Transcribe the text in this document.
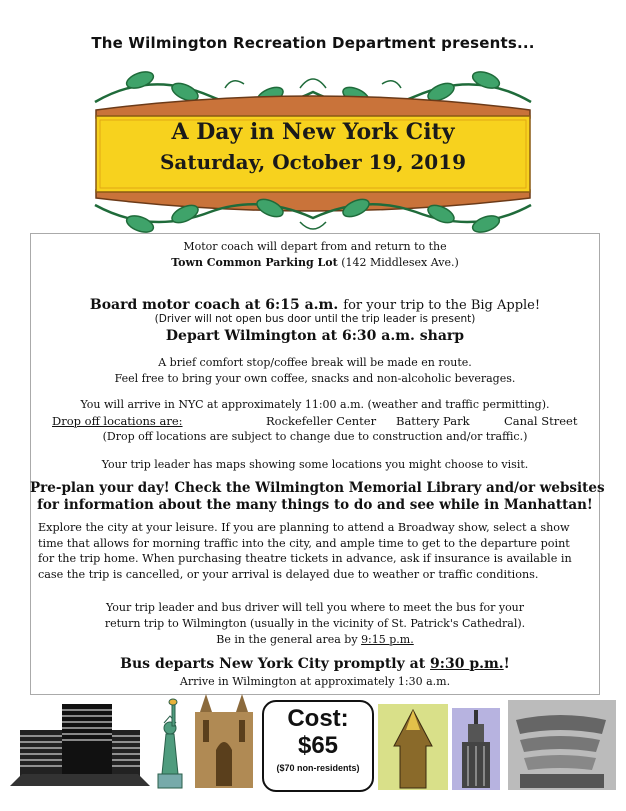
The Wilmington Recreation Department presents...
A Day in New York City
Saturday, October 19, 2019
Motor coach will depart from and return to the
Town Common Parking Lot (142 Middlesex Ave.)
Board motor coach at 6:15 a.m. for your trip to the Big Apple!
(Driver will not open bus door until the trip leader is present)
Depart Wilmington at 6:30 a.m. sharp
A brief comfort stop/coffee break will be made en route.
Feel free to bring your own coffee, snacks and non-alcoholic beverages.
You will arrive in NYC at approximately 11:00 a.m. (weather and traffic permitting).
Drop off locations are:	Rockefeller Center Battery Park	Canal Street
(Drop off locations are subject to change due to construction and/or traffic.)
Your trip leader has maps showing some locations you might choose to visit.
Pre-plan your day! Check the Wilmington Memorial Library and/or websites
for information about the many things to do and see while in Manhattan!
Explore the city at your leisure. If you are planning to attend a Broadway show, select a show
time that allows for morning traffic into the city, and ample time to get to the departure point
for the trip home. When purchasing theatre tickets in advance, ask if insurance is available in
case the trip is cancelled, or your arrival is delayed due to weather or traffic conditions.
Your trip leader and bus driver will tell you where to meet the bus for your
return trip to Wilmington (usually in the vicinity of St. Patrick's Cathedral).
Be in the general area by 9:15 p.m.
Bus departs New York City promptly at 9:30 p.m.!
Arrive in Wilmington at approximately 1:30 a.m.
Cost:
$65
($70 non-residents)
